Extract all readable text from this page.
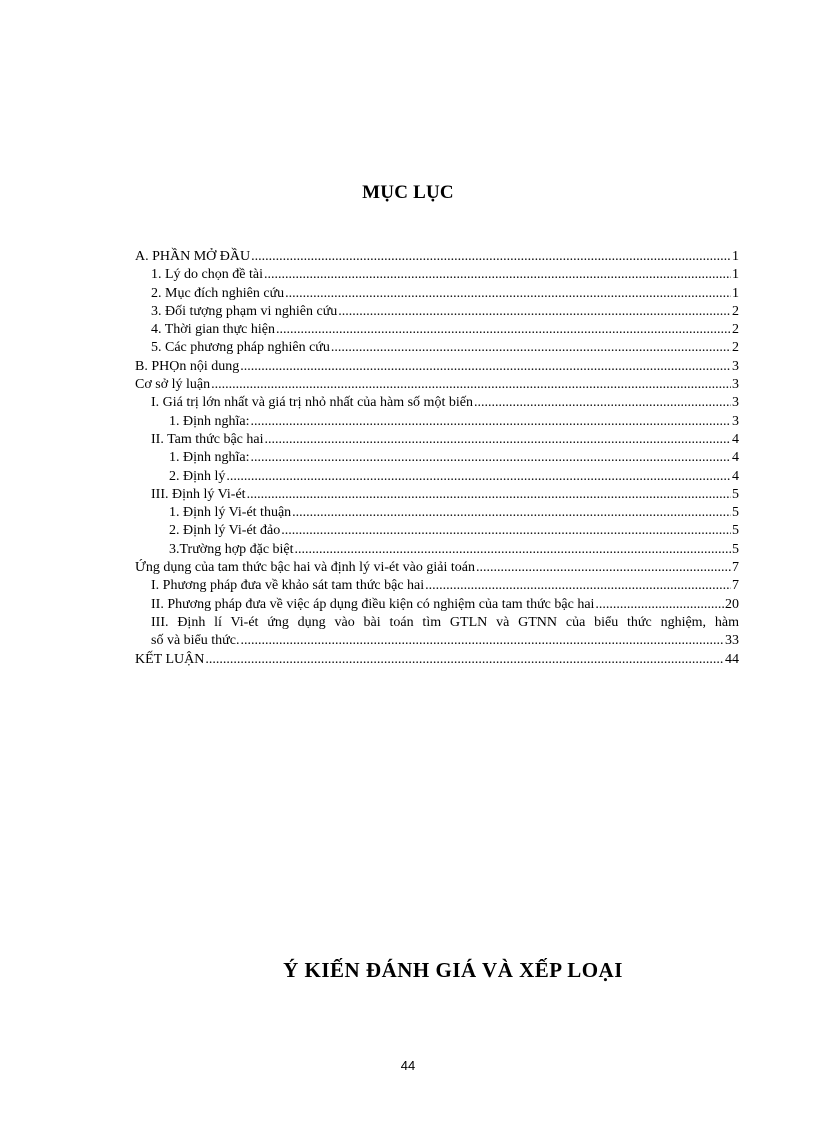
MỤC LỤC
A. PHẦN MỞ ĐẦU .....	1
1. Lý do chọn đề tài .....	1
2. Mục đích nghiên cứu .....	1
3. Đối tượng phạm vi nghiên cứu .....	2
4. Thời gian thực hiện .....	2
5. Các phương pháp nghiên cứu .....	2
B. PHỌn nội dung .....	3
Cơ sở lý luận .....	3
I. Giá trị lớn nhất và giá trị nhỏ nhất của hàm số một biến .....	3
1. Định nghĩa: .....	3
II. Tam thức bậc hai .....	4
1. Định nghĩa: .....	4
2. Định lý .....	4
III. Định lý Vi-ét .....	5
1. Định lý Vi-ét thuận .....	5
2. Định lý Vi-ét đảo .....	5
3.Trường hợp đặc biệt .....	5
Ứng dụng của tam thức bậc hai và định lý vi-ét vào giải toán .....	7
I. Phương pháp đưa về khảo sát tam thức bậc hai .....	7
II. Phương pháp đưa về việc áp dụng điều kiện có nghiệm của tam thức bậc hai .....	20
III. Định lí Vi-ét ứng dụng vào bài toán tìm GTLN và GTNN của biểu thức nghiệm, hàm
số và biểu thức. .....	33
KẾT LUẬN .....	44
Ý KIẾN ĐÁNH GIÁ VÀ XẾP LOẠI
44
